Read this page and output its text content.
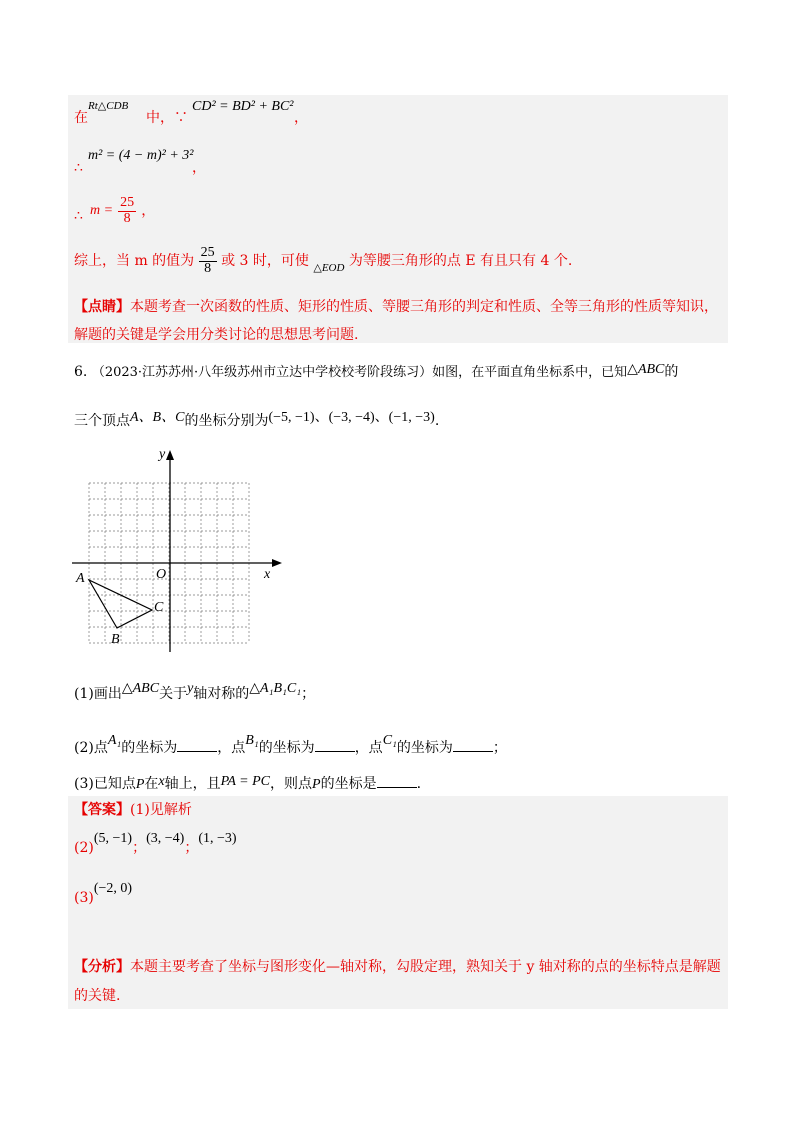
在
Rt△CDB
中，∵
CD² = BD² + BC²
，
∴
m² = (4 − m)² + 3²
，
∴ $m = \frac{25}{8}$ ，
综上，当 m 的值为 $\frac{25}{8}$ 或 3 时，可使 $_{\triangle EOD}$ 为等腰三角形的点 E 有且只有 4 个.
【点睛】本题考查一次函数的性质、矩形的性质、等腰三角形的判定和性质、全等三角形的性质等知识，
解题的关键是学会用分类讨论的思想思考问题.
6. （2023·江苏苏州·八年级苏州市立达中学校校考阶段练习）如图，在平面直角坐标系中，已知△ABC的
三个顶点A、B、C的坐标分别为(−5, −1)、(−3, −4)、(−1, −3).
y
x
O
A
B
C
(1)画出△ABC关于y轴对称的△A₁B₁C₁；
(2)点A₁的坐标为	，点B₁的坐标为	，点C₁的坐标为	；
(3)已知点P在x轴上，且PA = PC，则点P的坐标是	.
【答案】(1)见解析
(2)(5, −1)；(3, −4)；(1, −3)
(3)(−2, 0)
【分析】本题主要考查了坐标与图形变化—轴对称，勾股定理，熟知关于 y 轴对称的点的坐标特点是解题
的关键.
